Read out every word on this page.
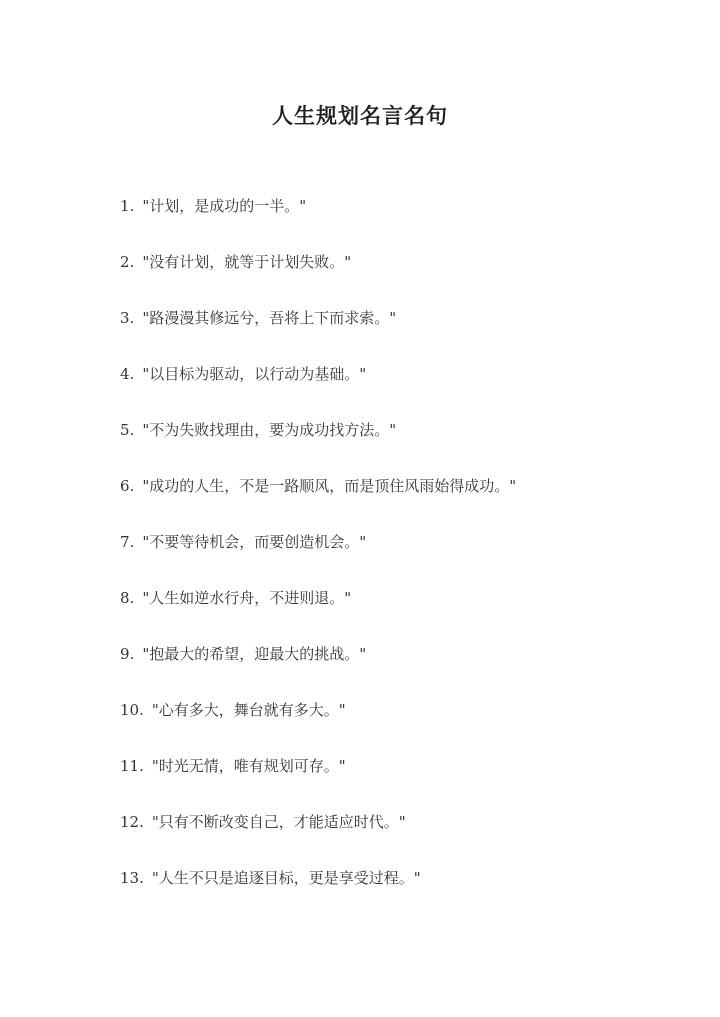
人生规划名言名句
1. "计划，是成功的一半。"
2. "没有计划，就等于计划失败。"
3. "路漫漫其修远兮，吾将上下而求索。"
4. "以目标为驱动，以行动为基础。"
5. "不为失败找理由，要为成功找方法。"
6. "成功的人生，不是一路顺风，而是顶住风雨始得成功。"
7. "不要等待机会，而要创造机会。"
8. "人生如逆水行舟，不进则退。"
9. "抱最大的希望，迎最大的挑战。"
10. "心有多大，舞台就有多大。"
11. "时光无情，唯有规划可存。"
12. "只有不断改变自己，才能适应时代。"
13. "人生不只是追逐目标，更是享受过程。"
